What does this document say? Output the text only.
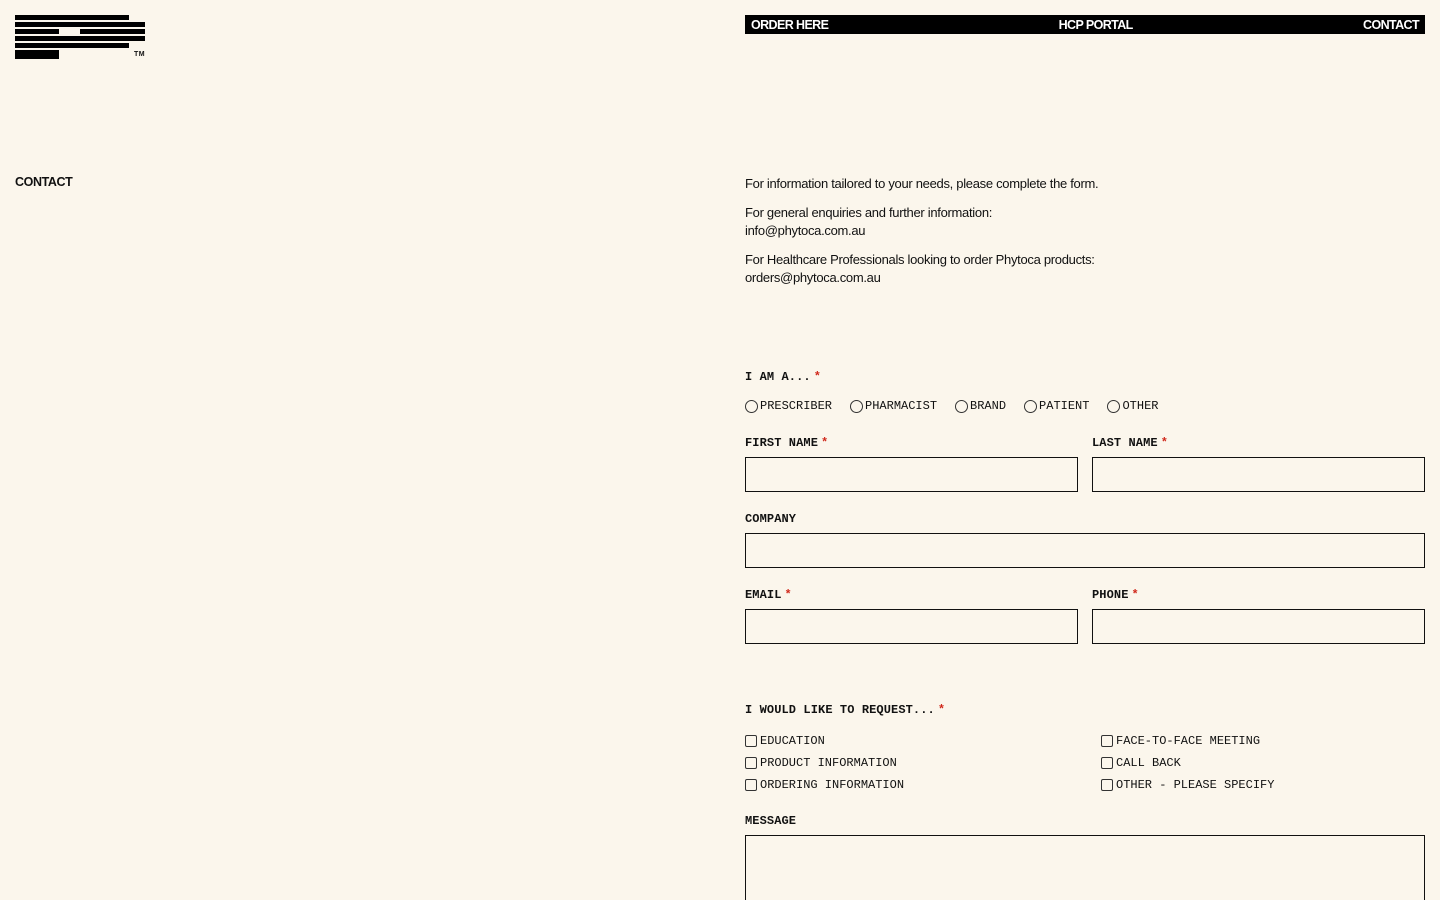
TM
ORDER HERE	HCP PORTAL	CONTACT
CONTACT	For information tailored to your needs, please complete the form.

For general enquiries and further information:
info@phytoca.com.au

For Healthcare Professionals looking to order Phytoca products:
orders@phytoca.com.au

I AM A... *
PRESCRIBER	PHARMACIST	BRAND	PATIENT	OTHER
FIRST NAME *	LAST NAME *
COMPANY
EMAIL *	PHONE *
I WOULD LIKE TO REQUEST... *
EDUCATION	FACE-TO-FACE MEETING
PRODUCT INFORMATION	CALL BACK
ORDERING INFORMATION	OTHER - PLEASE SPECIFY
MESSAGE
